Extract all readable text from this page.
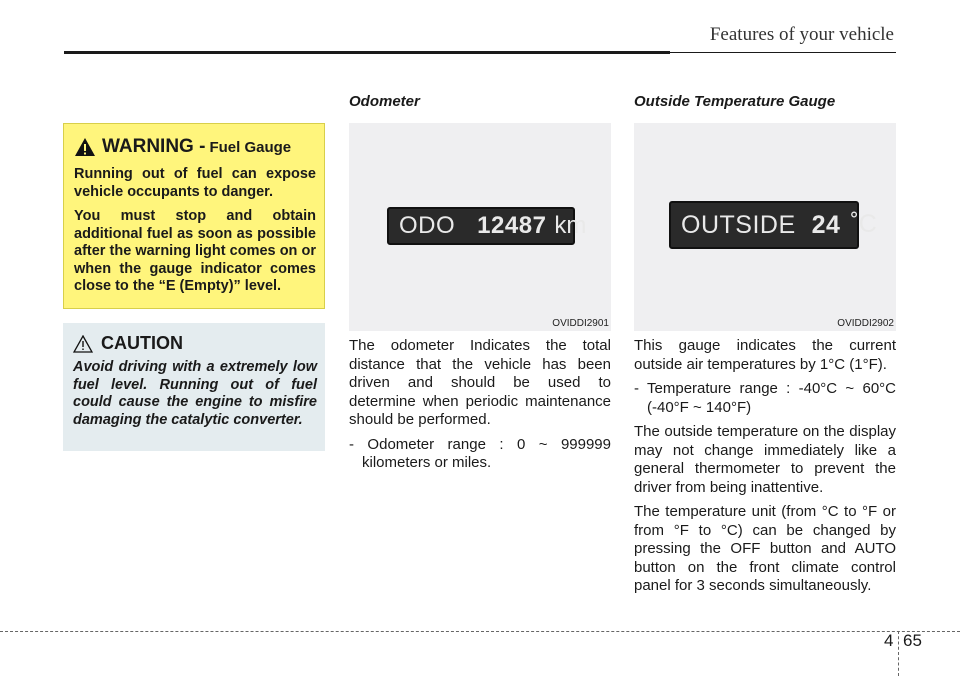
Features of your vehicle
WARNING - Fuel Gauge

Running out of fuel can expose vehicle occupants to danger.

You must stop and obtain additional fuel as soon as possible after the warning light comes on or when the gauge indicator comes close to the “E (Empty)” level.

CAUTION

Avoid driving with a extremely low fuel level. Running out of fuel could cause the engine to misfire damaging the catalytic converter.

Odometer
ODO 12487 km
OVIDDI2901

The odometer Indicates the total distance that the vehicle has been driven and should be used to determine when periodic maintenance should be performed.

- Odometer range : 0 ~ 999999 kilometers or miles.

Outside Temperature Gauge
OUTSIDE 24 ˚C
OVIDDI2902

This gauge indicates the current outside air temperatures by 1°C (1°F).

- Temperature range : -40°C ~ 60°C (-40°F ~ 140°F)

The outside temperature on the display may not change immediately like a general thermometer to prevent the driver from being inattentive.

The temperature unit (from °C to °F or from °F to °C) can be changed by pressing the OFF button and AUTO button on the front climate control panel for 3 seconds simultaneously.

4 65
